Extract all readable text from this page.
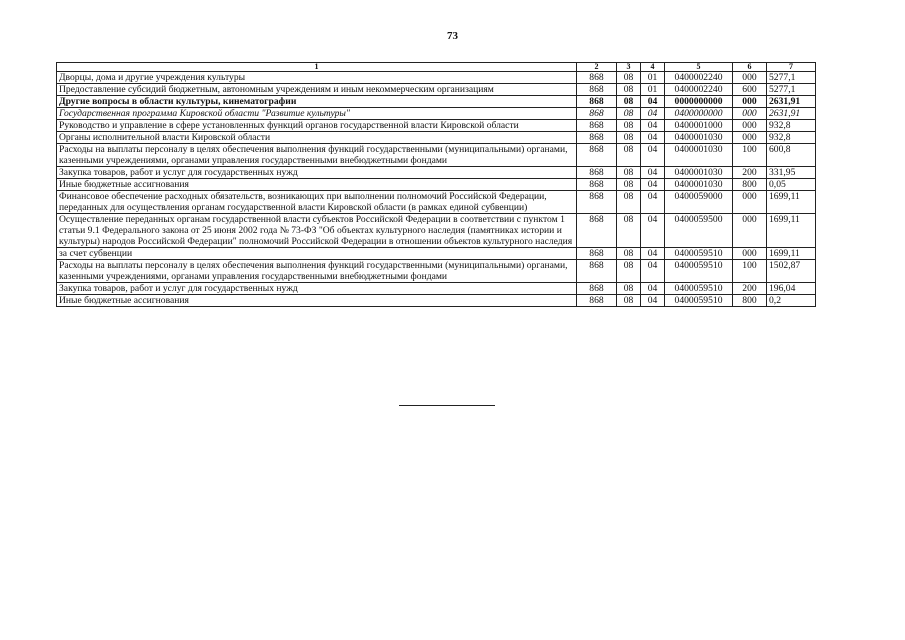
73
1	2	3	4	5	6	7
Дворцы, дома и другие учреждения культуры	868	08	01	0400002240	000	5277,1
Предоставление субсидий бюджетным, автономным учреждениям и иным некоммерческим организациям	868	08	01	0400002240	600	5277,1
Другие вопросы в области культуры, кинематографии	868	08	04	0000000000	000	2631,91
Государственная программа Кировской области "Развитие культуры"	868	08	04	0400000000	000	2631,91
Руководство и управление в сфере установленных функций органов государственной власти Кировской области	868	08	04	0400001000	000	932,8
Органы исполнительной власти Кировской области	868	08	04	0400001030	000	932,8
Расходы на выплаты персоналу в целях обеспечения выполнения функций государственными (муниципальными) органами, казенными учреждениями, органами управления государственными внебюджетными фондами	868	08	04	0400001030	100	600,8
Закупка товаров, работ и услуг для государственных нужд	868	08	04	0400001030	200	331,95
Иные бюджетные ассигнования	868	08	04	0400001030	800	0,05
Финансовое обеспечение расходных обязательств, возникающих при выполнении полномочий Российской Федерации, переданных для осуществления органам государственной власти Кировской области (в рамках единой субвенции)	868	08	04	0400059000	000	1699,11
Осуществление переданных органам государственной власти субъектов Российской Федерации в соответствии с пунктом 1 статьи 9.1 Федерального закона от 25 июня 2002 года № 73-ФЗ "Об объектах культурного наследия (памятниках истории и культуры) народов Российской Федерации" полномочий Российской Федерации в отношении объектов культурного наследия	868	08	04	0400059500	000	1699,11
за счет субвенции	868	08	04	0400059510	000	1699,11
Расходы на выплаты персоналу в целях обеспечения выполнения функций государственными (муниципальными) органами, казенными учреждениями, органами управления государственными внебюджетными фондами	868	08	04	0400059510	100	1502,87
Закупка товаров, работ и услуг для государственных нужд	868	08	04	0400059510	200	196,04
Иные бюджетные ассигнования	868	08	04	0400059510	800	0,2
